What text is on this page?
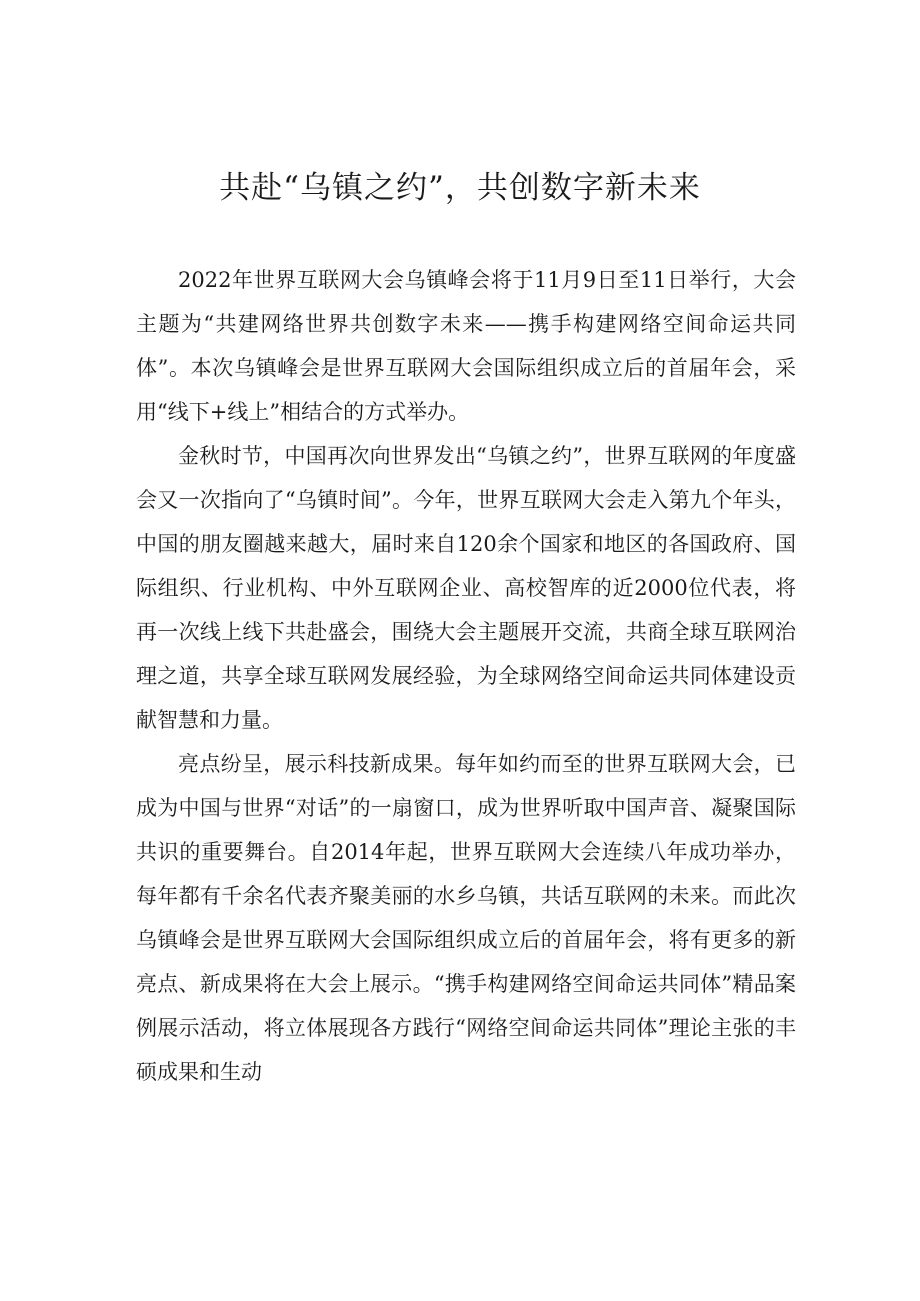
共赴“乌镇之约”，共创数字新未来

2022年世界互联网大会乌镇峰会将于11月9日至11日举行，大会主题为“共建网络世界共创数字未来——携手构建网络空间命运共同体”。本次乌镇峰会是世界互联网大会国际组织成立后的首届年会，采用“线下+线上”相结合的方式举办。

金秋时节，中国再次向世界发出“乌镇之约”，世界互联网的年度盛会又一次指向了“乌镇时间”。今年，世界互联网大会走入第九个年头，中国的朋友圈越来越大，届时来自120余个国家和地区的各国政府、国际组织、行业机构、中外互联网企业、高校智库的近2000位代表，将再一次线上线下共赴盛会，围绕大会主题展开交流，共商全球互联网治理之道，共享全球互联网发展经验，为全球网络空间命运共同体建设贡献智慧和力量。

亮点纷呈，展示科技新成果。每年如约而至的世界互联网大会，已成为中国与世界“对话”的一扇窗口，成为世界听取中国声音、凝聚国际共识的重要舞台。自2014年起，世界互联网大会连续八年成功举办，每年都有千余名代表齐聚美丽的水乡乌镇，共话互联网的未来。而此次乌镇峰会是世界互联网大会国际组织成立后的首届年会，将有更多的新亮点、新成果将在大会上展示。“携手构建网络空间命运共同体”精品案例展示活动，将立体展现各方践行“网络空间命运共同体”理论主张的丰硕成果和生动
